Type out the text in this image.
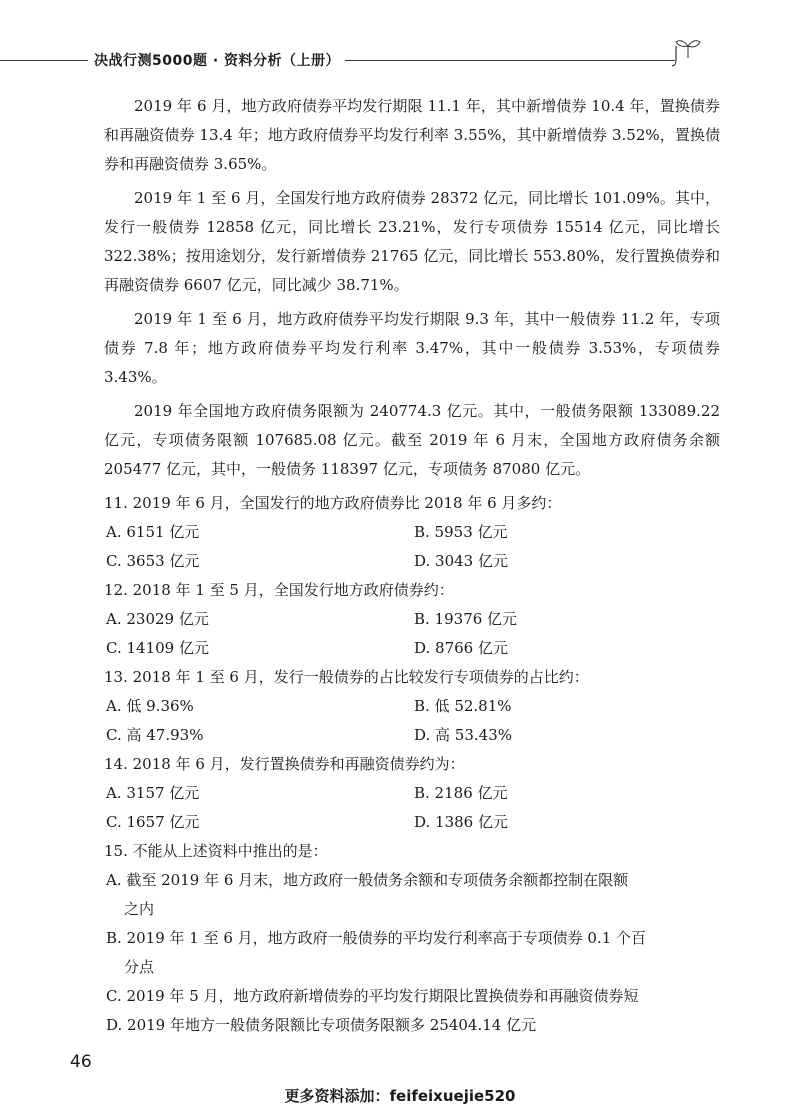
决战行测5000题 · 资料分析（上册）

2019 年 6 月，地方政府债券平均发行期限 11.1 年，其中新增债券 10.4 年，置换债券和再融资债券 13.4 年；地方政府债券平均发行利率 3.55%，其中新增债券 3.52%，置换债券和再融资债券 3.65%。

2019 年 1 至 6 月，全国发行地方政府债券 28372 亿元，同比增长 101.09%。其中，发行一般债券 12858 亿元，同比增长 23.21%，发行专项债券 15514 亿元，同比增长 322.38%；按用途划分，发行新增债券 21765 亿元，同比增长 553.80%，发行置换债券和再融资债券 6607 亿元，同比减少 38.71%。

2019 年 1 至 6 月，地方政府债券平均发行期限 9.3 年，其中一般债券 11.2 年，专项债券 7.8 年；地方政府债券平均发行利率 3.47%，其中一般债券 3.53%，专项债券 3.43%。

2019 年全国地方政府债务限额为 240774.3 亿元。其中，一般债务限额 133089.22 亿元，专项债务限额 107685.08 亿元。截至 2019 年 6 月末，全国地方政府债务余额 205477 亿元，其中，一般债务 118397 亿元，专项债务 87080 亿元。

11. 2019 年 6 月，全国发行的地方政府债券比 2018 年 6 月多约：

A. 6151 亿元	B. 5953 亿元

C. 3653 亿元	D. 3043 亿元

12. 2018 年 1 至 5 月，全国发行地方政府债券约：

A. 23029 亿元	B. 19376 亿元

C. 14109 亿元	D. 8766 亿元

13. 2018 年 1 至 6 月，发行一般债券的占比较发行专项债券的占比约：

A. 低 9.36%	B. 低 52.81%

C. 高 47.93%	D. 高 53.43%

14. 2018 年 6 月，发行置换债券和再融资债券约为：

A. 3157 亿元	B. 2186 亿元

C. 1657 亿元	D. 1386 亿元

15. 不能从上述资料中推出的是：

A. 截至 2019 年 6 月末，地方政府一般债务余额和专项债务余额都控制在限额
之内

B. 2019 年 1 至 6 月，地方政府一般债券的平均发行利率高于专项债券 0.1 个百
分点

C. 2019 年 5 月，地方政府新增债券的平均发行期限比置换债券和再融资债券短

D. 2019 年地方一般债务限额比专项债务限额多 25404.14 亿元

46
更多资料添加：feifeixuejie520
